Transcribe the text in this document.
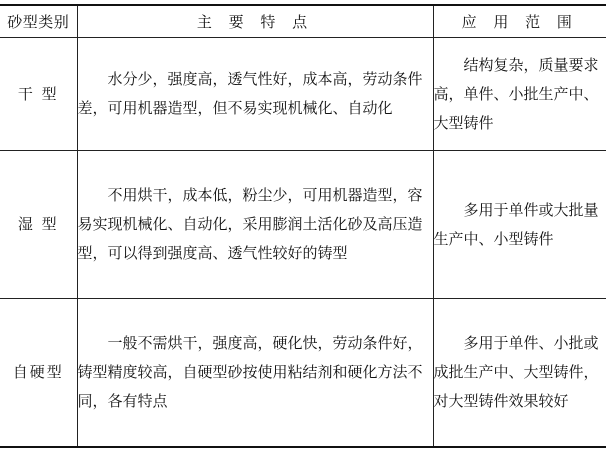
砂型类别	主 要 特 点	应 用 范 围
干 型	水分少，强度高，透气性好，成本高，劳动条件差，可用机器造型，但不易实现机械化、自动化	结构复杂，质量要求高，单件、小批生产中、大型铸件
湿 型	不用烘干，成本低，粉尘少，可用机器造型，容易实现机械化、自动化，采用膨润土活化砂及高压造型，可以得到强度高、透气性较好的铸型	多用于单件或大批量生产中、小型铸件
自硬型	一般不需烘干，强度高，硬化快，劳动条件好，铸型精度较高，自硬型砂按使用粘结剂和硬化方法不同，各有特点	多用于单件、小批或成批生产中、大型铸件，对大型铸件效果较好
